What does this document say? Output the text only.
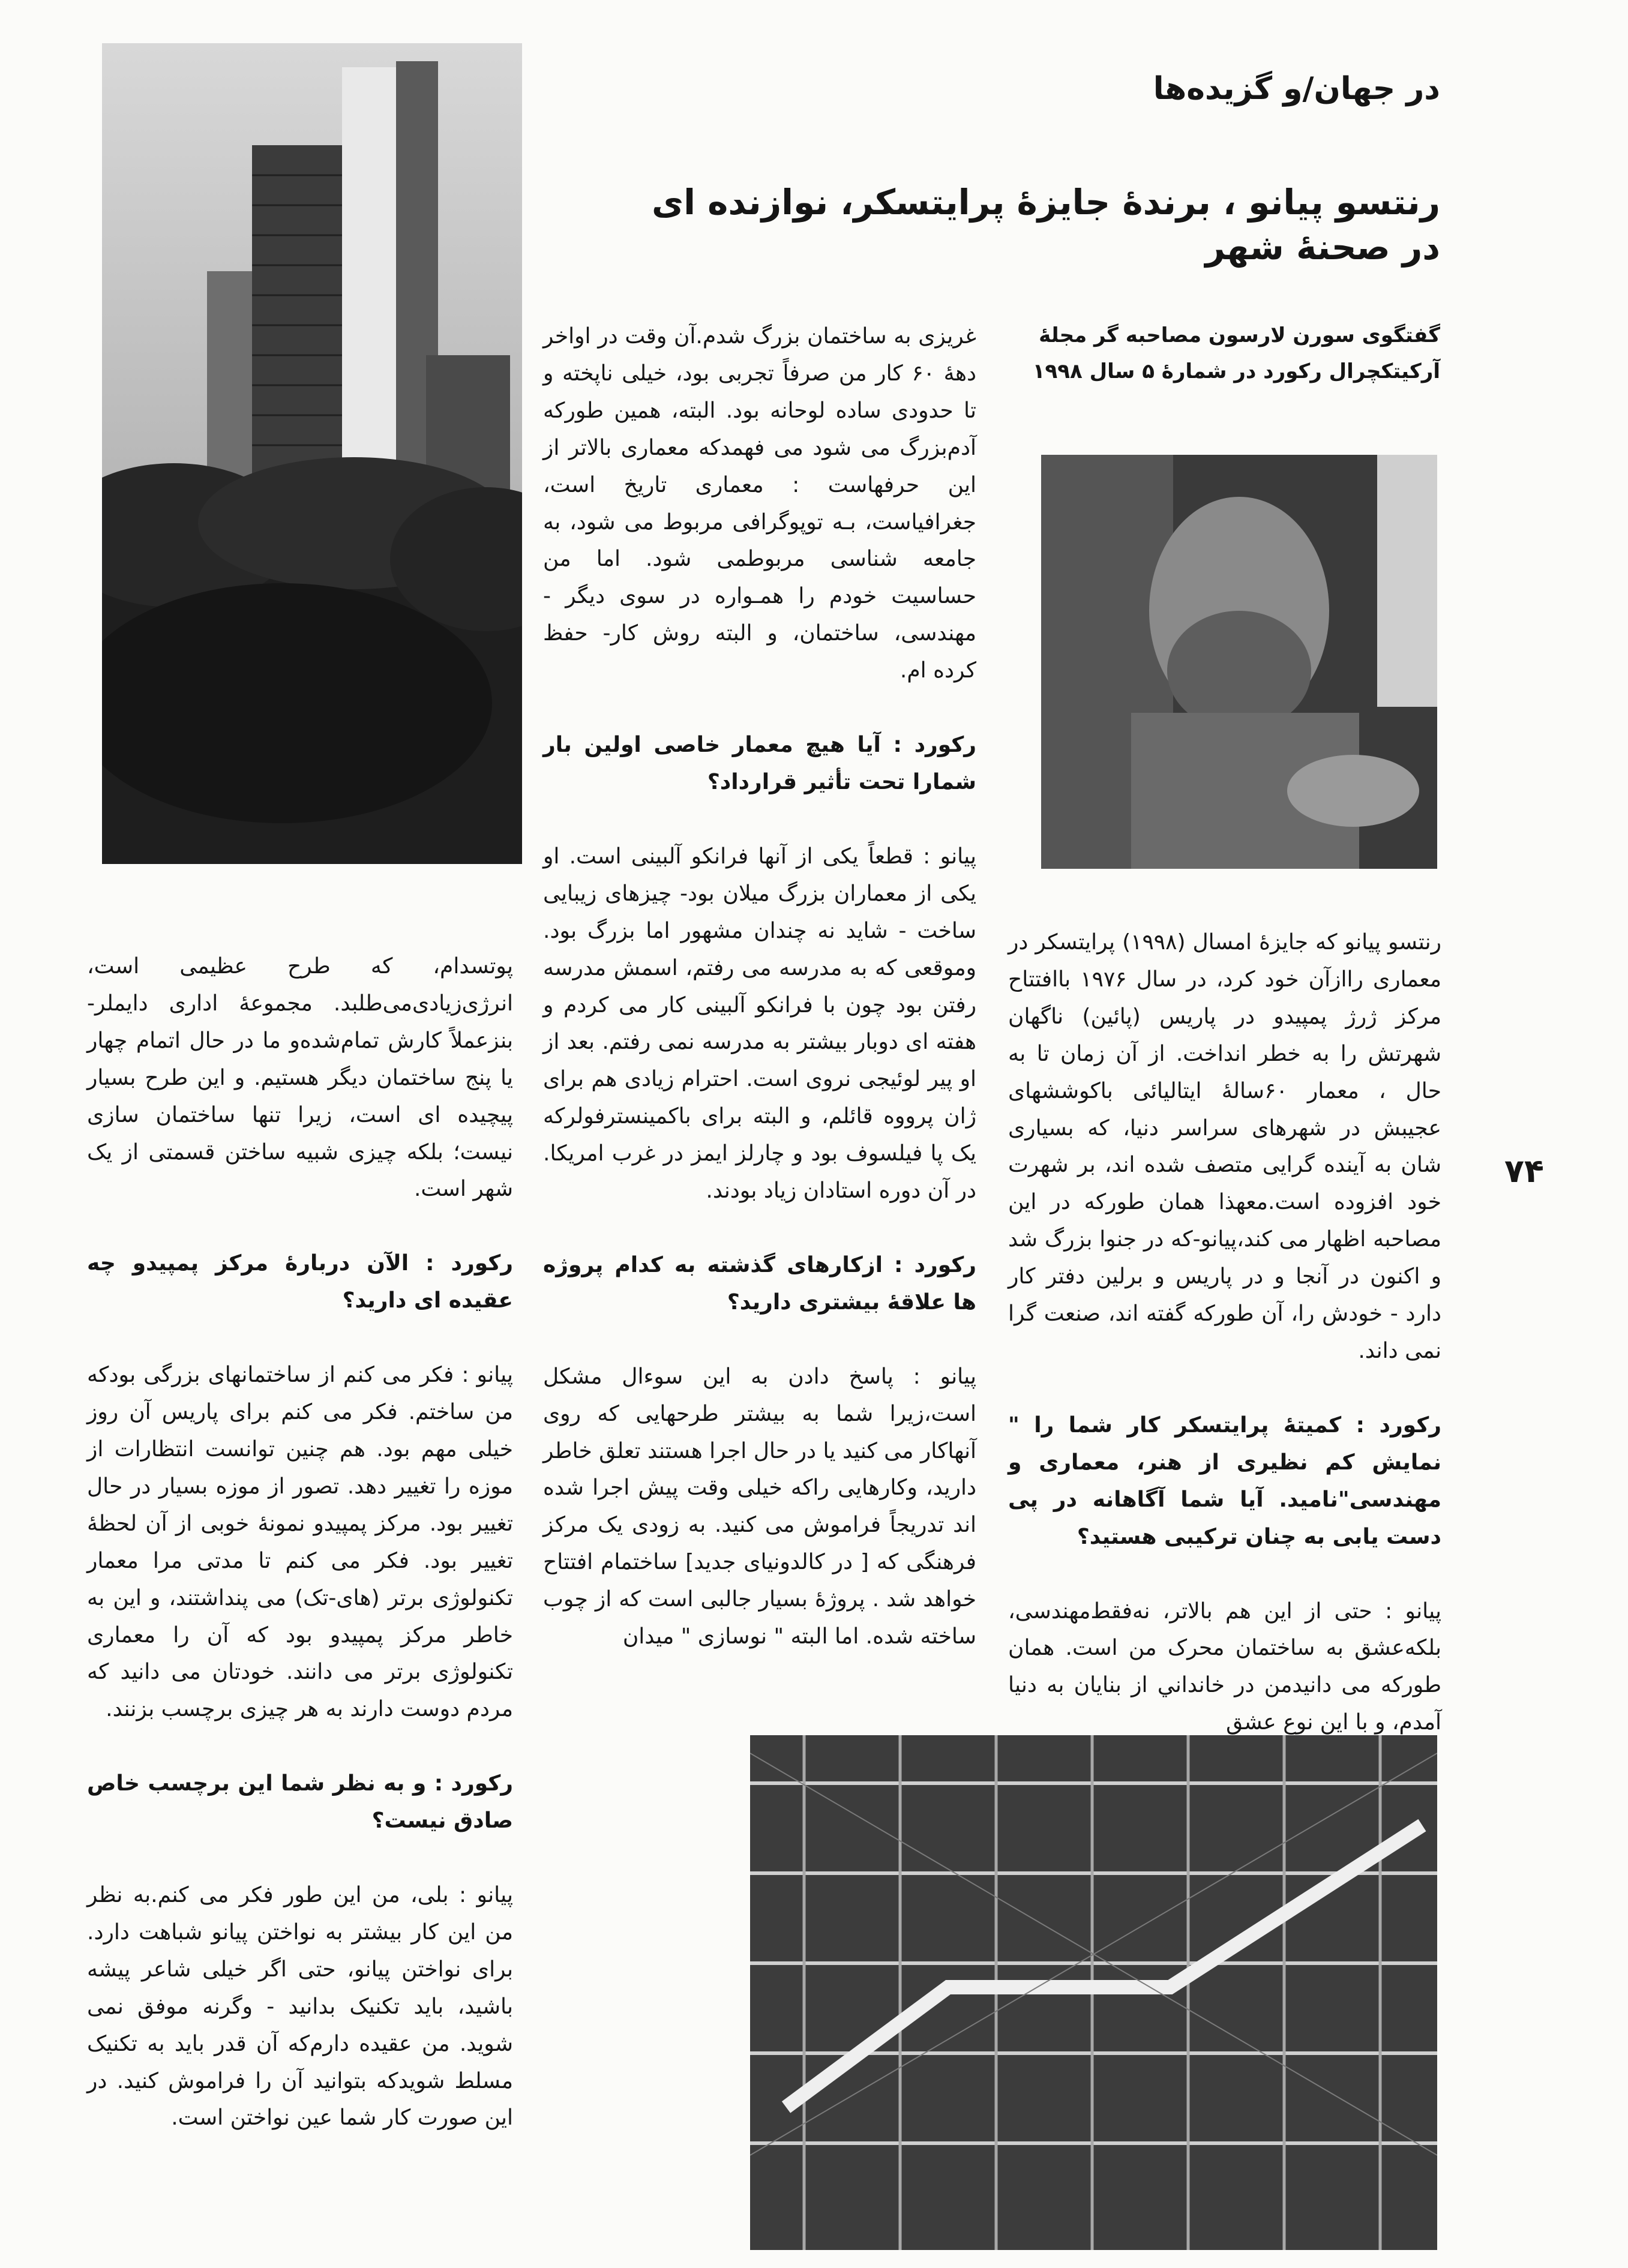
در جهان/و گزیده‌ها
رنتسو پیانو ، برندهٔ جایزهٔ پرایتسکر، نوازنده ای در صحنهٔ شهر
گفتگوی سورن لارسون مصاحبه گر مجلهٔ آرکیتکچرال رکورد در شمارهٔ ۵ سال ۱۹۹۸

رنتسو پیانو که جایزهٔ امسال (۱۹۹۸) پرایتسکر در معماری راازآن خود کرد، در سال ۱۹۷۶ باافتتاح مرکز ژرژ پمپیدو در پاریس (پائین) ناگهان شهرتش را به خطر انداخت. از آن زمان تا به حال ، معمار ۶۰سالهٔ ایتالیائی باکوششهای عجیبش در شهرهای سراسر دنیا، که بسیاری شان به آینده گرایی متصف شده اند، بر شهرت خود افزوده است.معهذا همان طورکه در این مصاحبه اظهار می کند،پیانو-که در جنوا بزرگ شد و اکنون در آنجا و در پاریس و برلین دفتر کار دارد - خودش را، آن طورکه گفته اند، صنعت گرا نمی داند.

رکورد : کمیتهٔ پرایتسکر کار شما را " نمایش کم نظیری از هنر، معماری و مهندسی"نامید. آیا شما آگاهانه در پی دست یابی به چنان ترکیبی هستید؟

پیانو : حتی از این هم بالاتر، نه‌فقط‌مهندسی، بلکه‌عشق به ساختمان محرک من است. همان طورکه می دانیدمن در خانداني از بنایان به دنیا آمدم، و با این نوع عشق

غریزی به ساختمان بزرگ شدم.آن وقت در اواخر دههٔ ۶۰ کار من صرفاً تجربی بود، خیلی ناپخته و تا حدودی ساده لوحانه بود. البته، همین طورکه آدم‌بزرگ می شود می فهمدکه معماری بالاتر از این حرفهاست : معماری تاریخ است، جغرافیاست، بـه توپوگرافی مربوط می شود، به جامعه شناسی مربوطمی شود. اما من حساسیت خودم را همـواره در سوی دیگر - مهندسی، ساختمان، و البته روش کار- حفظ کرده ام.

رکورد : آیا هیچ معمار خاصی اولین بار شمارا تحت تأثیر قرارداد؟

پیانو : قطعاً یکی از آنها فرانکو آلبینی است. او یکی از معماران بزرگ میلان بود- چیزهای زیبایی ساخت - شاید نه چندان مشهور اما بزرگ بود. وموقعی که به مدرسه می رفتم، اسمش مدرسه رفتن بود چون با فرانکو آلبینی کار می کردم و هفته ای دوبار بیشتر به مدرسه نمی رفتم. بعد از او پیر لوئیجی نروی است. احترام زیادی هم برای ژان پرووه قائلم، و البته برای باکمینسترفولرکه یک پا فیلسوف بود و چارلز ایمز در غرب امریکا. در آن دوره استادان زیاد بودند.

رکورد : ازکارهای گذشته به کدام پروژه ها علاقهٔ بیشتری دارید؟

پیانو : پاسخ دادن به این سوءال مشکل است،زیرا شما به بیشتر طرحهایی که روی آنهاکار می کنید یا در حال اجرا هستند تعلق خاطر دارید، وکارهایی راکه خیلی وقت پیش اجرا شده اند تدریجاً فراموش می کنید. به زودی یک مرکز فرهنگی که [ در کالدونیای جدید] ساختمام افتتاح خواهد شد . پروژهٔ بسیار جالبی است که از چوب ساخته شده. اما البته " نوسازی " میدان

پوتسدام، که طرح عظیمی است، انرژی‌زیادی‌می‌طلبد. مجموعهٔ اداری دایملر- بنزعملاً کارش تمام‌شده‌و ما در حال اتمام چهار یا پنج ساختمان دیگر هستیم. و این طرح بسیار پیچیده ای است، زیرا تنها ساختمان سازی نیست؛ بلکه چیزی شبیه ساختن قسمتی از یک شهر است.

رکورد : الآن دربارهٔ مرکز پمپیدو چه عقیده ای دارید؟

پیانو : فکر می کنم از ساختمانهای بزرگی بودکه من ساختم. فکر می کنم برای پاریس آن روز خیلی مهم بود. هم چنین توانست انتظارات از موزه را تغییر دهد. تصور از موزه بسیار در حال تغییر بود. مرکز پمپیدو نمونهٔ خوبی از آن لحظهٔ تغییر بود. فکر می کنم تا مدتی مرا معمار تکنولوژی برتر (های-تک) می پنداشتند، و این به خاطر مرکز پمپیدو بود که آن را معماری تکنولوژی برتر می دانند. خودتان می دانید که مردم دوست دارند به هر چیزی برچسب بزنند.

رکورد : و به نظر شما این برچسب خاص صادق نیست؟

پیانو : بلی، من این طور فکر می کنم.به نظر من این کار بیشتر به نواختن پیانو شباهت دارد. برای نواختن پیانو، حتی اگر خیلی شاعر پیشه باشید، باید تکنیک بدانید - وگرنه موفق نمی شوید. من عقیده دارم‌که آن قدر باید به تکنیک مسلط شوید‌که بتوانید آن را فراموش کنید. در این صورت کار شما عین نواختن است.

۷۴
